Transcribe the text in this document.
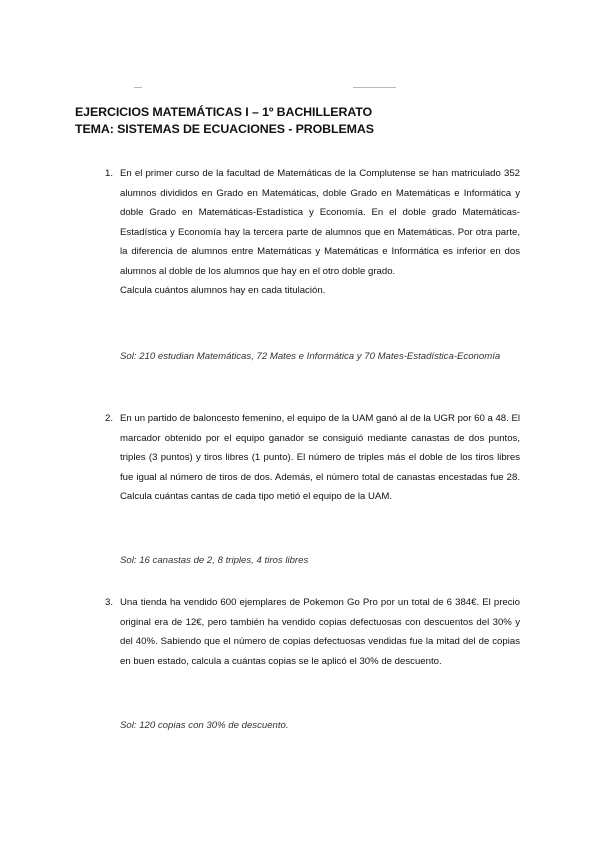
EJERCICIOS MATEMÁTICAS I – 1º BACHILLERATO
TEMA: SISTEMAS DE ECUACIONES - PROBLEMAS
1. En el primer curso de la facultad de Matemáticas de la Complutense se han matriculado 352 alumnos divididos en Grado en Matemáticas, doble Grado en Matemáticas e Informática y doble Grado en Matemáticas-Estadística y Economía. En el doble grado Matemáticas-Estadística y Economía hay la tercera parte de alumnos que en Matemáticas. Por otra parte, la diferencia de alumnos entre Matemáticas y Matemáticas e Informática es inferior en dos alumnos al doble de los alumnos que hay en el otro doble grado.

Calcula cuántos alumnos hay en cada titulación.

Sol: 210 estudian Matemáticas, 72 Mates e Informática y 70 Mates-Estadística-Economía
2. En un partido de baloncesto femenino, el equipo de la UAM ganó al de la UGR por 60 a 48. El marcador obtenido por el equipo ganador se consiguió mediante canastas de dos puntos, triples (3 puntos) y tiros libres (1 punto). El número de triples más el doble de los tiros libres fue igual al número de tiros de dos. Además, el número total de canastas encestadas fue 28. Calcula cuántas cantas de cada tipo metió el equipo de la UAM.

Sol: 16 canastas de 2, 8 triples, 4 tiros libres
3. Una tienda ha vendido 600 ejemplares de Pokemon Go Pro por un total de 6 384€. El precio original era de 12€, pero también ha vendido copias defectuosas con descuentos del 30% y del 40%. Sabiendo que el número de copias defectuosas vendidas fue la mitad del de copias en buen estado, calcula a cuántas copias se le aplicó el 30% de descuento.

Sol: 120 copias con 30% de descuento.
